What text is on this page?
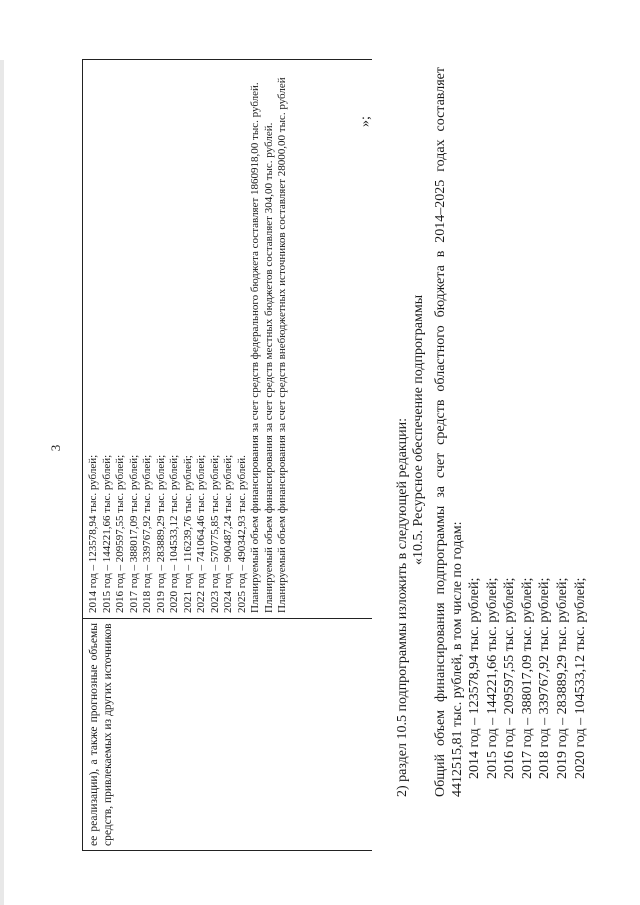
3
ее реализации), а также прогнозные объемы средств, привлекаемых из других источников
2014 год – 123578,94 тыс. рублей; 2015 год – 144221,66 тыс. рублей; 2016 год – 209597,55 тыс. рублей; 2017 год – 388017,09 тыс. рублей; 2018 год – 339767,92 тыс. рублей; 2019 год – 283889,29 тыс. рублей; 2020 год – 104533,12 тыс. рублей; 2021 год – 116239,76 тыс. рублей; 2022 год – 741064,46 тыс. рублей; 2023 год – 570775,85 тыс. рублей; 2024 год – 900487,24 тыс. рублей; 2025 год – 490342,93 тыс. рублей. Планируемый объем финансирования за счет средств федерального бюджета составляет 1860918,00 тыс. рублей. Планируемый объем финансирования за счет средств местных бюджетов составляет 304,00 тыс. рублей. Планируемый объем финансирования за счет средств внебюджетных источников составляет 28000,00 тыс. рублей	»;
2) раздел 10.5 подпрограммы изложить в следующей редакции: «10.5. Ресурсное обеспечение подпрограммы Общий объем финансирования подпрограммы за счет средств областного бюджета в 2014–2025 годах составляет 4412515,81 тыс. рублей, в том числе по годам: 2014 год – 123578,94 тыс. рублей; 2015 год – 144221,66 тыс. рублей; 2016 год – 209597,55 тыс. рублей; 2017 год – 388017,09 тыс. рублей; 2018 год – 339767,92 тыс. рублей; 2019 год – 283889,29 тыс. рублей; 2020 год – 104533,12 тыс. рублей;
